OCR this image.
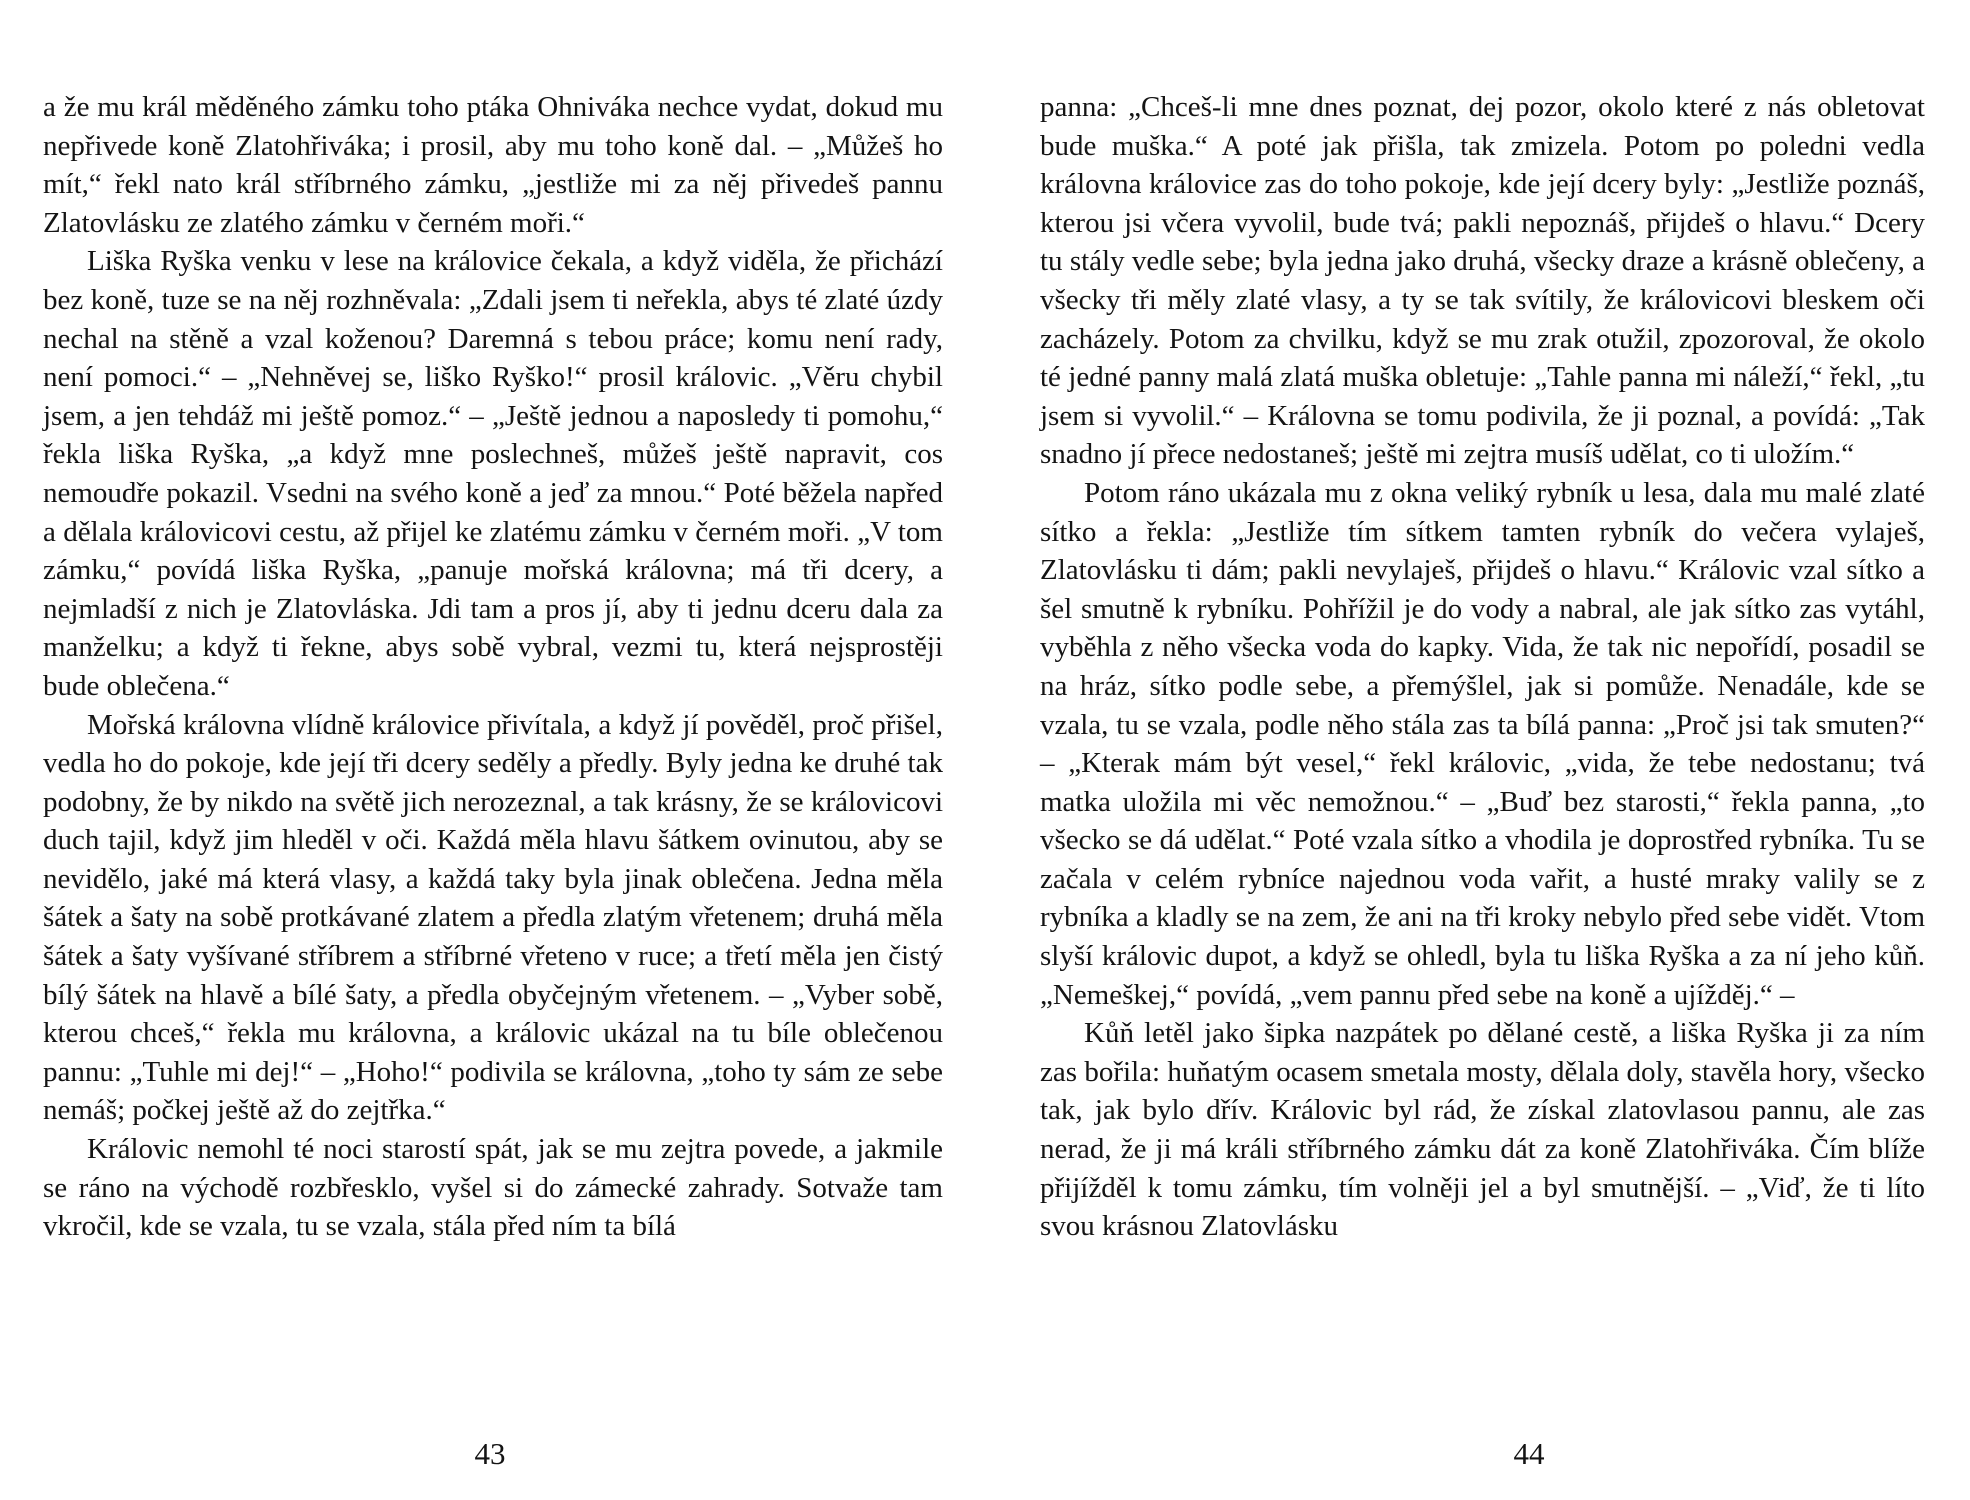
a že mu král měděného zámku toho ptáka Ohniváka nechce vydat, dokud mu nepřivede koně Zlatohřiváka; i prosil, aby mu toho koně dal. – „Můžeš ho mít,“ řekl nato král stříbrného zámku, „jestliže mi za něj přivedeš pannu Zlatovlásku ze zlatého zámku v černém moři.“

Liška Ryška venku v lese na královice čekala, a když viděla, že přichází bez koně, tuze se na něj rozhněvala: „Zdali jsem ti neřekla, abys té zlaté úzdy nechal na stěně a vzal koženou? Daremná s tebou práce; komu není rady, není pomoci.“ – „Nehněvej se, liško Ryško!“ prosil královic. „Věru chybil jsem, a jen tehdáž mi ještě pomoz.“ – „Ještě jednou a naposledy ti pomohu,“ řekla liška Ryška, „a když mne poslechneš, můžeš ještě napravit, cos nemoudře pokazil. Vsedni na svého koně a jeď za mnou.“ Poté běžela napřed a dělala královicovi cestu, až přijel ke zlatému zámku v černém moři. „V tom zámku,“ povídá liška Ryška, „panuje mořská královna; má tři dcery, a nejmladší z nich je Zlatovláska. Jdi tam a pros jí, aby ti jednu dceru dala za manželku; a když ti řekne, abys sobě vybral, vezmi tu, která nejsprostěji bude oblečena.“

Mořská královna vlídně královice přivítala, a když jí pověděl, proč přišel, vedla ho do pokoje, kde její tři dcery seděly a předly. Byly jedna ke druhé tak podobny, že by nikdo na světě jich nerozeznal, a tak krásny, že se královicovi duch tajil, když jim hleděl v oči. Každá měla hlavu šátkem ovinutou, aby se nevidělo, jaké má která vlasy, a každá taky byla jinak oblečena. Jedna měla šátek a šaty na sobě protkávané zlatem a předla zlatým vřetenem; druhá měla šátek a šaty vyšívané stříbrem a stříbrné vřeteno v ruce; a třetí měla jen čistý bílý šátek na hlavě a bílé šaty, a předla obyčejným vřetenem. – „Vyber sobě, kterou chceš,“ řekla mu královna, a královic ukázal na tu bíle oblečenou pannu: „Tuhle mi dej!“ – „Hoho!“ podivila se královna, „toho ty sám ze sebe nemáš; počkej ještě až do zejtřka.“

Královic nemohl té noci starostí spát, jak se mu zejtra povede, a jakmile se ráno na východě rozbřesklo, vyšel si do zámecké zahrady. Sotvaže tam vkročil, kde se vzala, tu se vzala, stála před ním ta bílá

43

panna: „Chceš-li mne dnes poznat, dej pozor, okolo které z nás obletovat bude muška.“ A poté jak přišla, tak zmizela. Potom po poledni vedla královna královice zas do toho pokoje, kde její dcery byly: „Jestliže poznáš, kterou jsi včera vyvolil, bude tvá; pakli nepoznáš, přijdeš o hlavu.“ Dcery tu stály vedle sebe; byla jedna jako druhá, všecky draze a krásně oblečeny, a všecky tři měly zlaté vlasy, a ty se tak svítily, že královicovi bleskem oči zacházely. Potom za chvilku, když se mu zrak otužil, zpozoroval, že okolo té jedné panny malá zlatá muška obletuje: „Tahle panna mi náleží,“ řekl, „tu jsem si vyvolil.“ – Královna se tomu podivila, že ji poznal, a povídá: „Tak snadno jí přece nedostaneš; ještě mi zejtra musíš udělat, co ti uložím.“

Potom ráno ukázala mu z okna veliký rybník u lesa, dala mu malé zlaté sítko a řekla: „Jestliže tím sítkem tamten rybník do večera vylaješ, Zlatovlásku ti dám; pakli nevylaješ, přijdeš o hlavu.“ Královic vzal sítko a šel smutně k rybníku. Pohřížil je do vody a nabral, ale jak sítko zas vytáhl, vyběhla z něho všecka voda do kapky. Vida, že tak nic nepořídí, posadil se na hráz, sítko podle sebe, a přemýšlel, jak si pomůže. Nenadále, kde se vzala, tu se vzala, podle něho stála zas ta bílá panna: „Proč jsi tak smuten?“ – „Kterak mám být vesel,“ řekl královic, „vida, že tebe nedostanu; tvá matka uložila mi věc nemožnou.“ – „Buď bez starosti,“ řekla panna, „to všecko se dá udělat.“ Poté vzala sítko a vhodila je doprostřed rybníka. Tu se začala v celém rybníce najednou voda vařit, a husté mraky valily se z rybníka a kladly se na zem, že ani na tři kroky nebylo před sebe vidět. Vtom slyší královic dupot, a když se ohledl, byla tu liška Ryška a za ní jeho kůň. „Nemeškej,“ povídá, „vem pannu před sebe na koně a ujížděj.“ –

Kůň letěl jako šipka nazpátek po dělané cestě, a liška Ryška ji za ním zas bořila: huňatým ocasem smetala mosty, dělala doly, stavěla hory, všecko tak, jak bylo dřív. Královic byl rád, že získal zlatovlasou pannu, ale zas nerad, že ji má králi stříbrného zámku dát za koně Zlatohřiváka. Čím blíže přijížděl k tomu zámku, tím volněji jel a byl smutnější. – „Viď, že ti líto svou krásnou Zlatovlásku

44
